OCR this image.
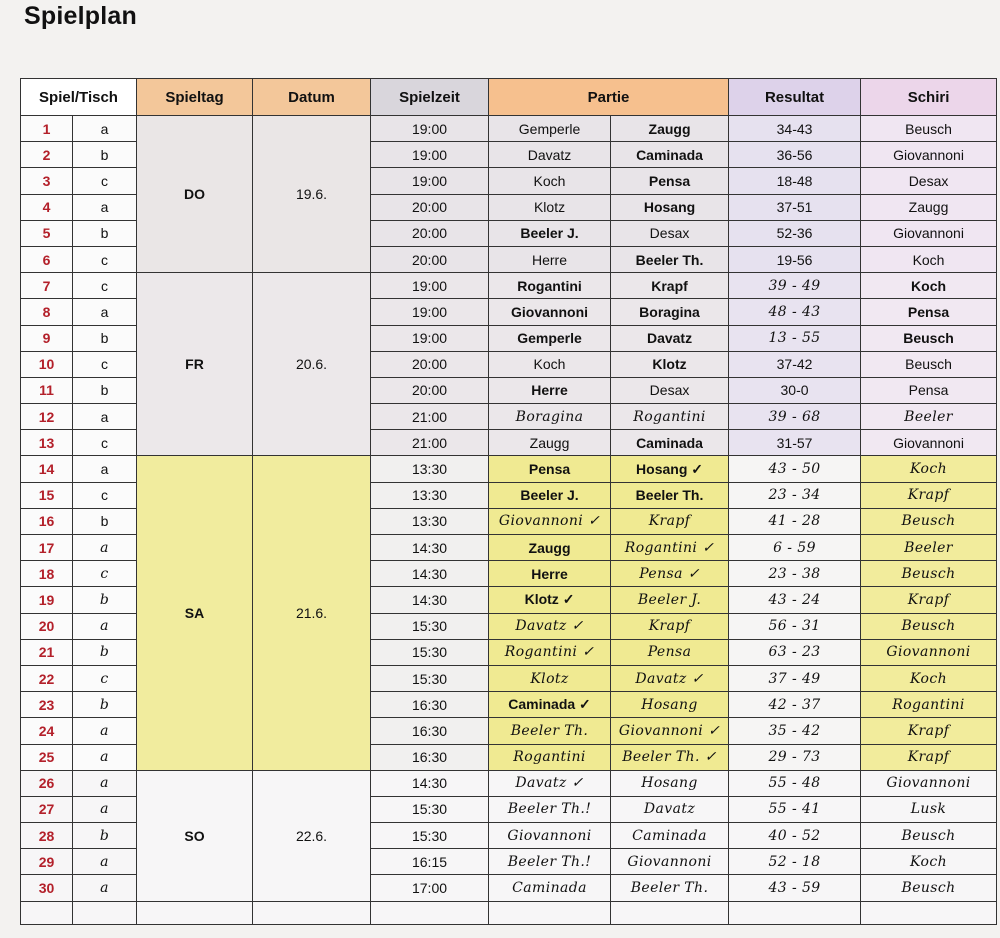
Spielplan
Spiel/Tisch		Spieltag	Datum	Spielzeit	Partie		Resultat	Schiri
1	a	DO	19.6.	19:00	Gemperle	Zaugg	34-43	Beusch
2	b			19:00	Davatz	Caminada	36-56	Giovannoni
3	c			19:00	Koch	Pensa	18-48	Desax
4	a			20:00	Klotz	Hosang	37-51	Zaugg
5	b			20:00	Beeler J.	Desax	52-36	Giovannoni
6	c			20:00	Herre	Beeler Th.	19-56	Koch
7	c	FR	20.6.	19:00	Rogantini	Krapf	39 - 49	Koch
8	a			19:00	Giovannoni	Boragina	48 - 43	Pensa
9	b			19:00	Gemperle	Davatz	13 - 55	Beusch
10	c			20:00	Koch	Klotz	37-42	Beusch
11	b			20:00	Herre	Desax	30-0	Pensa
12	a			21:00	Boragina	Rogantini	39 - 68	Beeler
13	c			21:00	Zaugg	Caminada	31-57	Giovannoni
14	a	SA	21.6.	13:30	Pensa	Hosang ✓	43 - 50	Koch
15	c			13:30	Beeler J.	Beeler Th.	23 - 34	Krapf
16	b			13:30	Giovannoni ✓	Krapf	41 - 28	Beusch
17	a			14:30	Zaugg	Rogantini ✓	6 - 59	Beeler
18	c			14:30	Herre	Pensa ✓	23 - 38	Beusch
19	b			14:30	Klotz ✓	Beeler J.	43 - 24	Krapf
20	a			15:30	Davatz ✓	Krapf	56 - 31	Beusch
21	b			15:30	Rogantini ✓	Pensa	63 - 23	Giovannoni
22	c			15:30	Klotz	Davatz ✓	37 - 49	Koch
23	b			16:30	Caminada ✓	Hosang	42 - 37	Rogantini
24	a			16:30	Beeler Th.	Giovannoni ✓	35 - 42	Krapf
25	a			16:30	Rogantini	Beeler Th. ✓	29 - 73	Krapf
26	a	SO	22.6.	14:30	Davatz ✓	Hosang	55 - 48	Giovannoni
27	a			15:30	Beeler Th.!	Davatz	55 - 41	Lusk
28	b			15:30	Giovannoni	Caminada	40 - 52	Beusch
29	a			16:15	Beeler Th.!	Giovannoni	52 - 18	Koch
30	a			17:00	Caminada	Beeler Th.	43 - 59	Beusch
